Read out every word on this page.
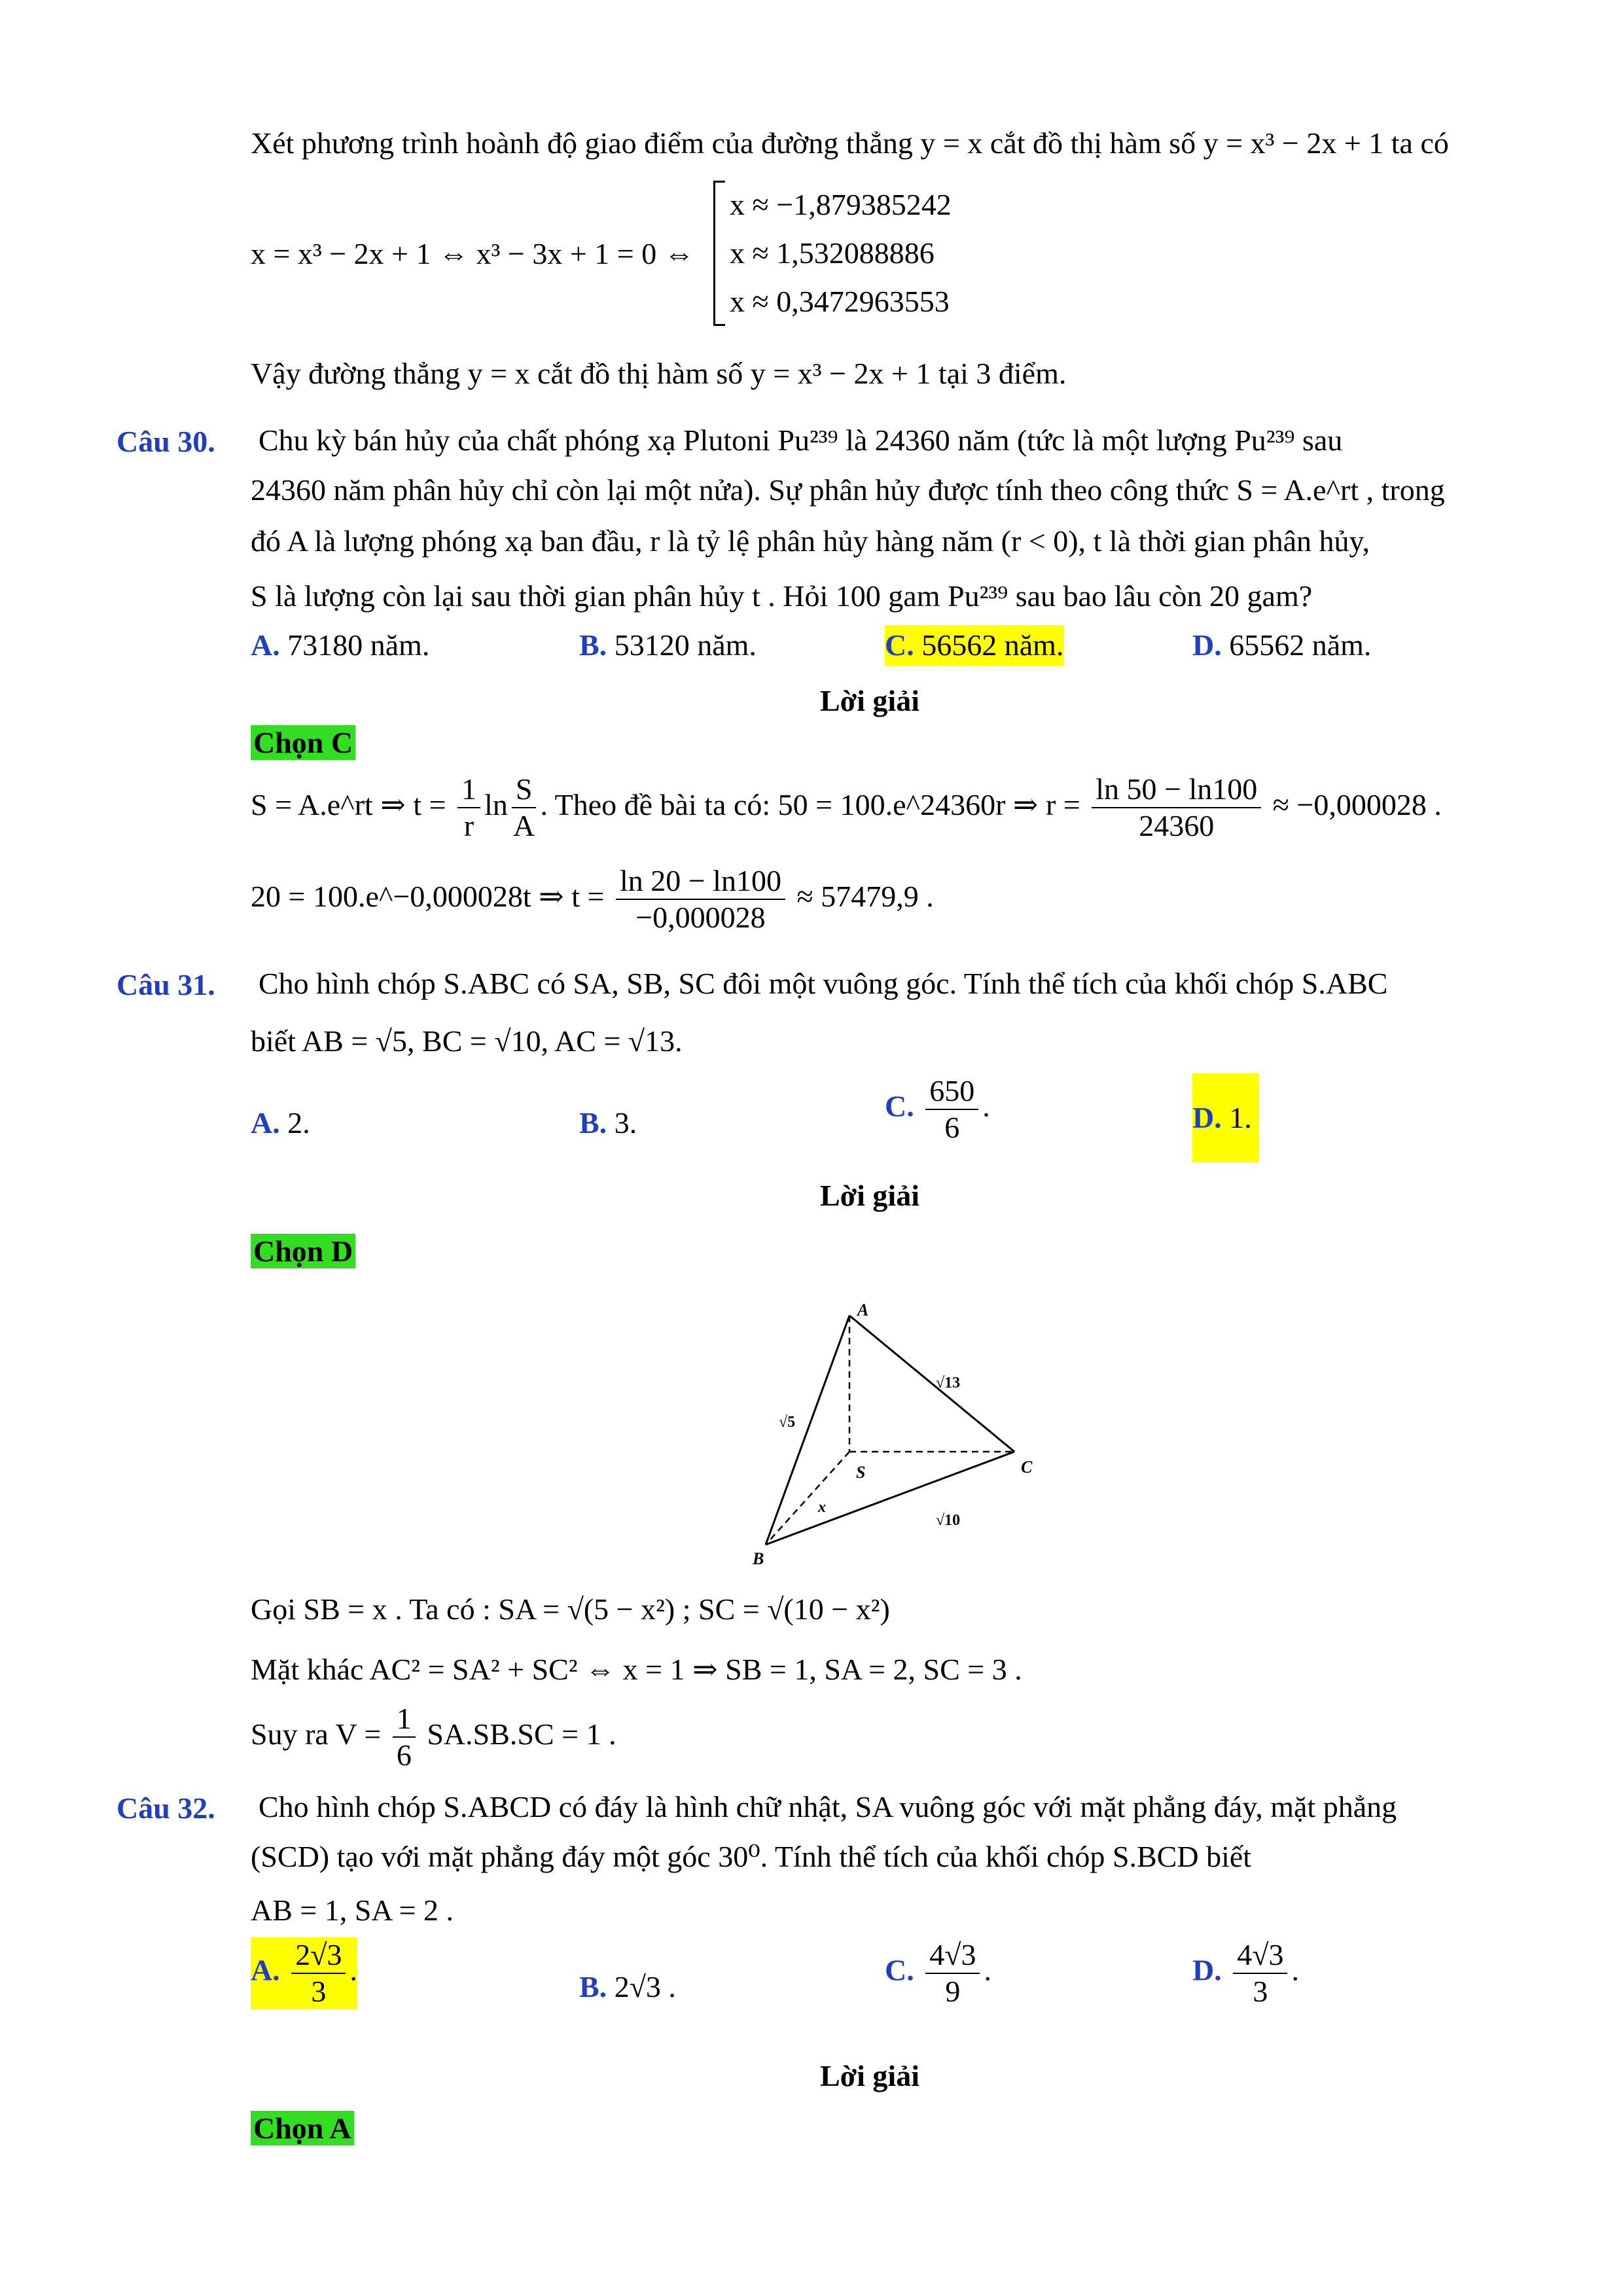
Xét phương trình hoành độ giao điểm của đường thẳng y = x cắt đồ thị hàm số y = x³ − 2x + 1 ta có
x = x³ − 2x + 1 ⇔ x³ − 3x + 1 = 0 ⇔
x ≈ −1,879385242
x ≈ 1,532088886
x ≈ 0,3472963553
Vậy đường thẳng y = x cắt đồ thị hàm số y = x³ − 2x + 1 tại 3 điểm.
Câu 30. Chu kỳ bán hủy của chất phóng xạ Plutoni Pu²³⁹ là 24360 năm (tức là một lượng Pu²³⁹ sau
24360 năm phân hủy chỉ còn lại một nửa). Sự phân hủy được tính theo công thức S = A.e^rt , trong
đó A là lượng phóng xạ ban đầu, r là tỷ lệ phân hủy hàng năm (r < 0), t là thời gian phân hủy,
S là lượng còn lại sau thời gian phân hủy t . Hỏi 100 gam Pu²³⁹ sau bao lâu còn 20 gam?
A. 73180 năm.	B. 53120 năm.	C. 56562 năm.	D. 65562 năm.
Lời giải
Chọn C
S = A.e^rt ⇒ $t = \frac{1}{r}$ $\ln \frac{S}{A}$ . Theo đề bài ta có: 50 = 100.e^24360r ⇒ $r = \frac{\ln 50 - \ln 100}{24360} \approx -0,000028$ .
20 = 100.e^−0,000028t ⇒ $t = \frac{\ln 20 - \ln 100}{-0,000028} \approx 57479,9$ .
Câu 31. Cho hình chóp S.ABC có SA, SB, SC đôi một vuông góc. Tính thể tích của khối chóp S.ABC
biết AB = √5, BC = √10, AC = √13.
A. 2.	B. 3.	C. $\frac{650}{6}$ .	D. 1.
Lời giải
Chọn D
A
B
C
S
x
√5
√13
√10
Gọi SB = x . Ta có : SA = √(5 − x²) ; SC = √(10 − x²)
Mặt khác AC² = SA² + SC² ⇔ x = 1 ⇒ SB = 1, SA = 2, SC = 3 .
Suy ra $V = \frac{1}{6} SA.SB.SC = 1$ .
Câu 32. Cho hình chóp S.ABCD có đáy là hình chữ nhật, SA vuông góc với mặt phẳng đáy, mặt phẳng
(SCD) tạo với mặt phẳng đáy một góc 30⁰. Tính thể tích của khối chóp S.BCD biết
AB = 1, SA = 2 .
A. $\frac{2√3}{3}$ .	B. 2√3 .	C. $\frac{4√3}{9}$ .	D. $\frac{4√3}{3}$ .
Lời giải
Chọn A
